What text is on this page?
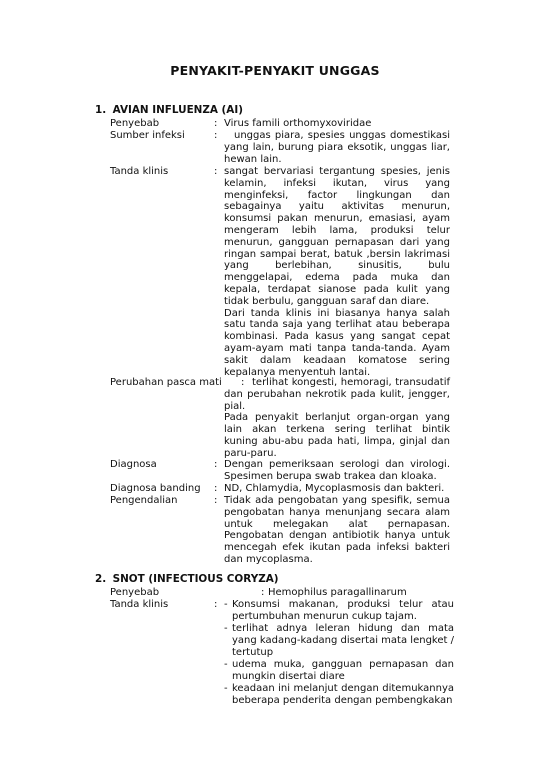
PENYAKIT-PENYAKIT UNGGAS
1. AVIAN INFLUENZA (AI)
Penyebab	: Virus famili orthomyxoviridae

Sumber infeksi	:	unggas piara, spesies unggas domestikasi yang lain, burung piara eksotik, unggas liar, hewan lain.

Tanda klinis	: sangat bervariasi tergantung spesies, jenis kelamin, infeksi ikutan, virus yang menginfeksi, factor lingkungan dan sebagainya yaitu aktivitas menurun, konsumsi pakan menurun, emasiasi, ayam mengeram lebih lama, produksi telur menurun, gangguan pernapasan dari yang ringan sampai berat, batuk ,bersin lakrimasi yang berlebihan, sinusitis, bulu menggelapai, edema pada muka dan kepala, terdapat sianose pada kulit yang tidak berbulu, gangguan saraf dan diare.

Dari tanda klinis ini biasanya hanya salah satu tanda saja yang terlihat atau beberapa kombinasi. Pada kasus yang sangat cepat ayam-ayam mati tanpa tanda-tanda. Ayam sakit dalam keadaan komatose sering kepalanya menyentuh lantai.

Perubahan pasca mati	terlihat kongesti, hemoragi, transudatif dan perubahan nekrotik pada kulit, jengger, pial.

Pada penyakit berlanjut organ-organ yang lain akan terkena sering terlihat bintik kuning abu-abu pada hati, limpa, ginjal dan paru-paru.

:
Diagnosa	: Dengan pemeriksaan serologi dan virologi. Spesimen berupa swab trakea dan kloaka.

Diagnosa banding : ND, Chlamydia, Mycoplasmosis dan bakteri.

Pengendalian	: Tidak ada pengobatan yang spesifik, semua pengobatan hanya menunjang secara alam untuk melegakan alat pernapasan. Pengobatan dengan antibiotik hanya untuk mencegah efek ikutan pada infeksi bakteri dan mycoplasma.

2. SNOT (INFECTIOUS CORYZA)
Penyebab	: Hemophilus paragallinarum
Tanda klinis	: - Konsumsi makanan, produksi telur atau pertumbuhan menurun cukup tajam.
- terlihat adnya leleran hidung dan mata yang kadang-kadang disertai mata lengket / tertutup
- udema muka, gangguan pernapasan dan mungkin disertai diare
- keadaan ini melanjut dengan ditemukannya beberapa penderita dengan pembengkakan
